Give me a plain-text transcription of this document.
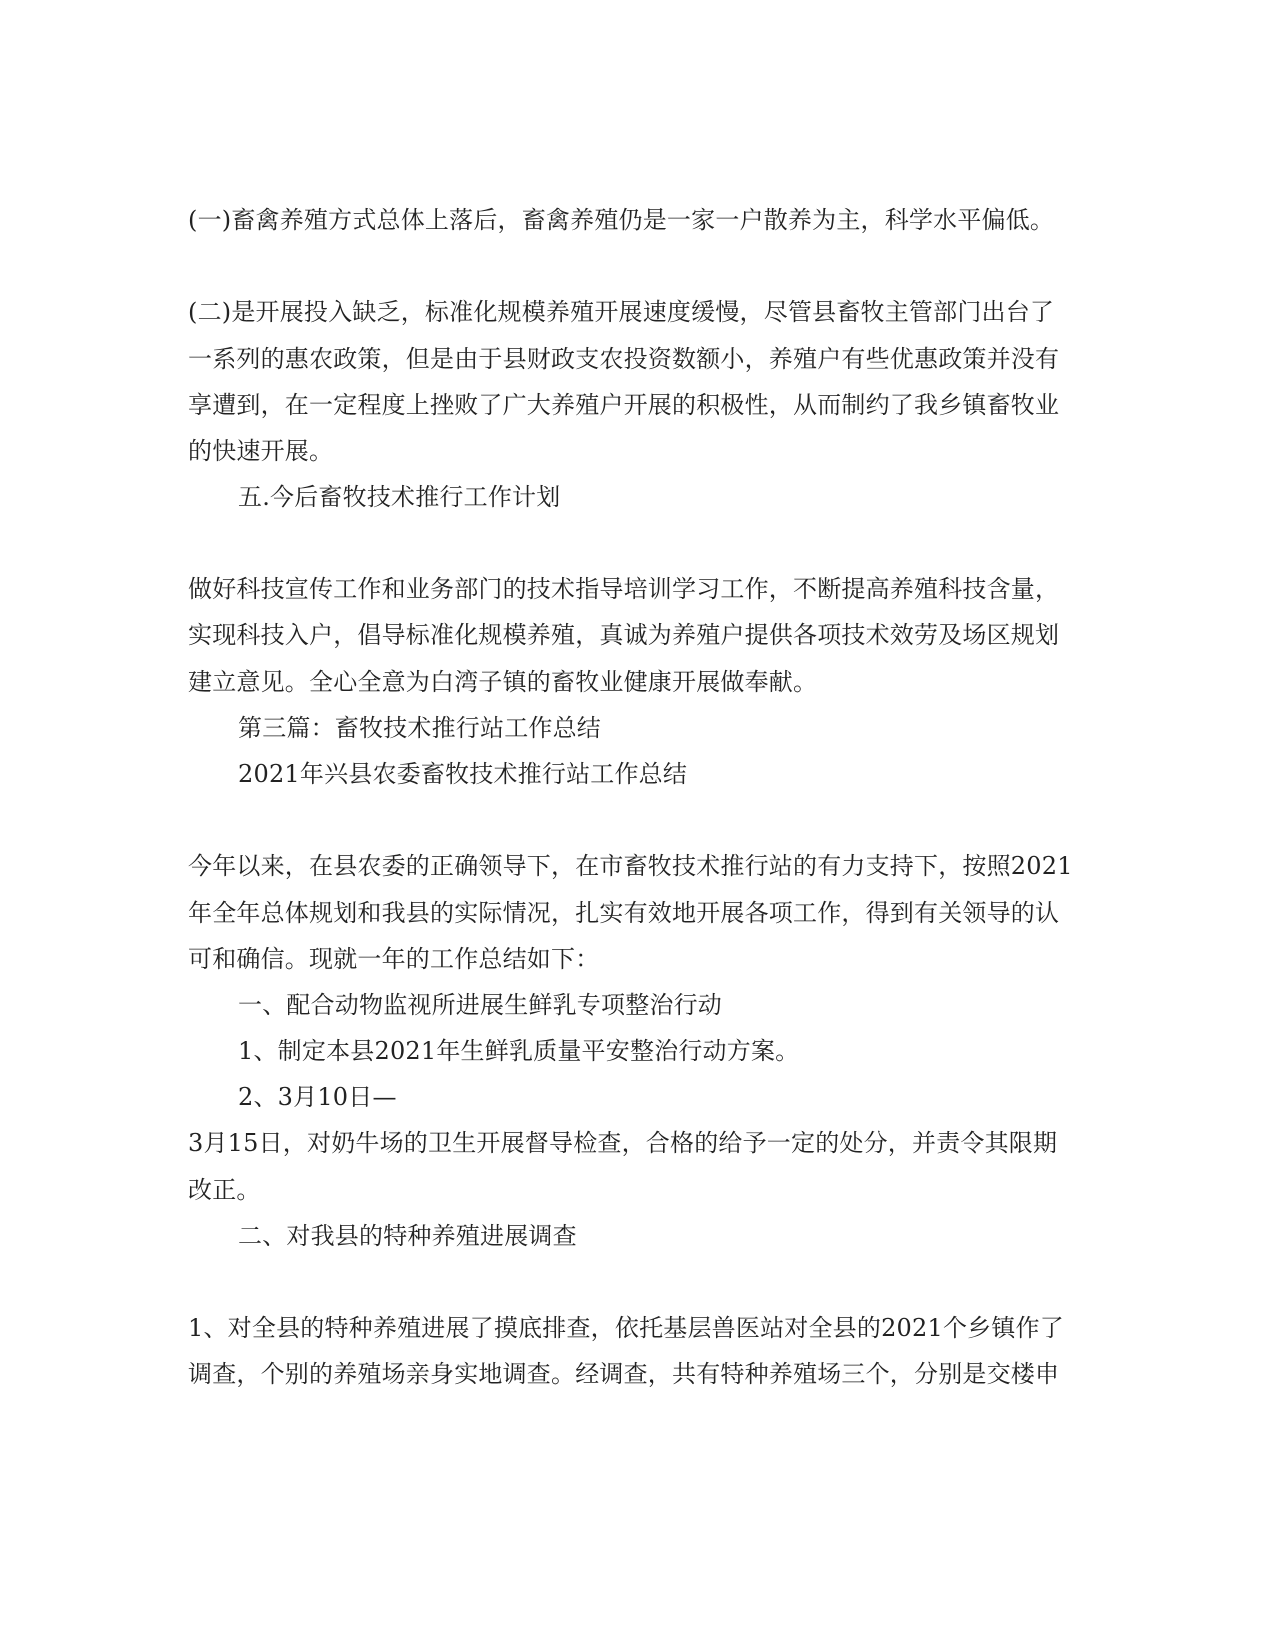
(一)畜禽养殖方式总体上落后，畜禽养殖仍是一家一户散养为主，科学水平偏低。
(二)是开展投入缺乏，标准化规模养殖开展速度缓慢，尽管县畜牧主管部门出台了
一系列的惠农政策，但是由于县财政支农投资数额小，养殖户有些优惠政策并没有
享遭到，在一定程度上挫败了广大养殖户开展的积极性，从而制约了我乡镇畜牧业
的快速开展。
五.今后畜牧技术推行工作计划
做好科技宣传工作和业务部门的技术指导培训学习工作，不断提高养殖科技含量，
实现科技入户，倡导标准化规模养殖，真诚为养殖户提供各项技术效劳及场区规划
建立意见。全心全意为白湾子镇的畜牧业健康开展做奉献。
第三篇：畜牧技术推行站工作总结
2021年兴县农委畜牧技术推行站工作总结
今年以来，在县农委的正确领导下，在市畜牧技术推行站的有力支持下，按照2021
年全年总体规划和我县的实际情况，扎实有效地开展各项工作，得到有关领导的认
可和确信。现就一年的工作总结如下：
一、配合动物监视所进展生鲜乳专项整治行动
1、制定本县2021年生鲜乳质量平安整治行动方案。
2、3月10日—
3月15日，对奶牛场的卫生开展督导检查，合格的给予一定的处分，并责令其限期
改正。
二、对我县的特种养殖进展调查
1、对全县的特种养殖进展了摸底排查，依托基层兽医站对全县的2021个乡镇作了
调查，个别的养殖场亲身实地调查。经调查，共有特种养殖场三个，分别是交楼申
